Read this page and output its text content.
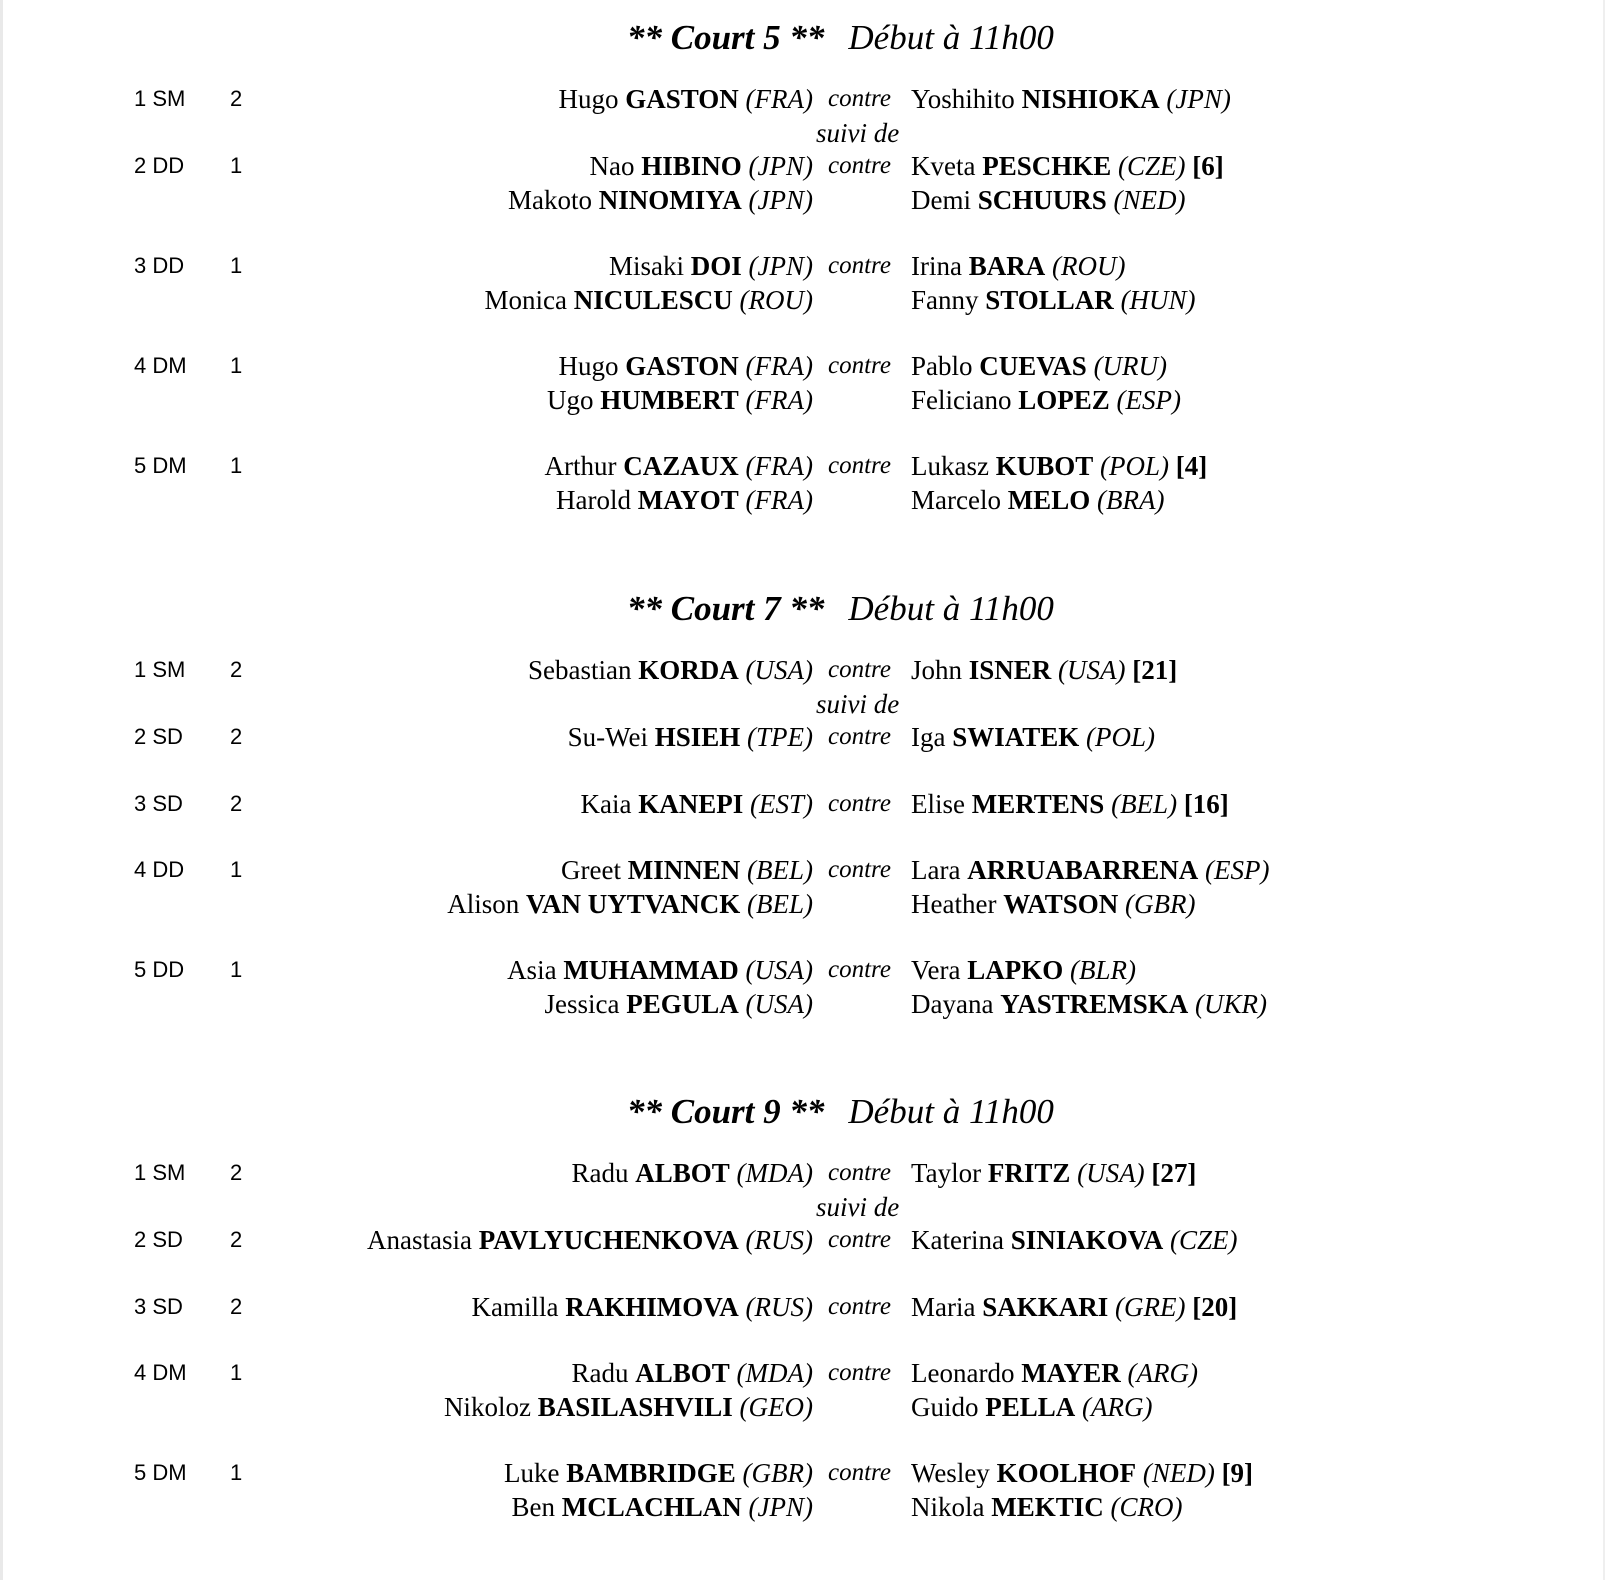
** Court 5 ** Début à 11h00
1 SM 2	contre
Hugo GASTON (FRA)	Yoshihito NISHIOKA (JPN)
suivi de
2 DD 1	contre
Nao HIBINO (JPN)	Kveta PESCHKE (CZE) [6]
Makoto NINOMIYA (JPN)	Demi SCHUURS (NED)
3 DD 1	contre
Misaki DOI (JPN)	Irina BARA (ROU)
Monica NICULESCU (ROU)	Fanny STOLLAR (HUN)
4 DM 1	contre
Hugo GASTON (FRA)	Pablo CUEVAS (URU)
Ugo HUMBERT (FRA)	Feliciano LOPEZ (ESP)
5 DM 1	contre
Arthur CAZAUX (FRA)	Lukasz KUBOT (POL) [4]
Harold MAYOT (FRA)	Marcelo MELO (BRA)
** Court 7 ** Début à 11h00
1 SM 2	contre
Sebastian KORDA (USA)	John ISNER (USA) [21]
suivi de
2 SD 2	contre
Su-Wei HSIEH (TPE)	Iga SWIATEK (POL)
3 SD 2	contre
Kaia KANEPI (EST)	Elise MERTENS (BEL) [16]
4 DD 1	contre
Greet MINNEN (BEL)	Lara ARRUABARRENA (ESP)
Alison VAN UYTVANCK (BEL)	Heather WATSON (GBR)
5 DD 1	contre
Asia MUHAMMAD (USA)	Vera LAPKO (BLR)
Jessica PEGULA (USA)	Dayana YASTREMSKA (UKR)
** Court 9 ** Début à 11h00
1 SM 2	contre
Radu ALBOT (MDA)	Taylor FRITZ (USA) [27]
suivi de
2 SD 2	contre
Anastasia PAVLYUCHENKOVA (RUS)	Katerina SINIAKOVA (CZE)
3 SD 2	contre
Kamilla RAKHIMOVA (RUS)	Maria SAKKARI (GRE) [20]
4 DM 1	contre
Radu ALBOT (MDA)	Leonardo MAYER (ARG)
Nikoloz BASILASHVILI (GEO)	Guido PELLA (ARG)
5 DM 1	contre
Luke BAMBRIDGE (GBR)	Wesley KOOLHOF (NED) [9]
Ben MCLACHLAN (JPN)	Nikola MEKTIC (CRO)
